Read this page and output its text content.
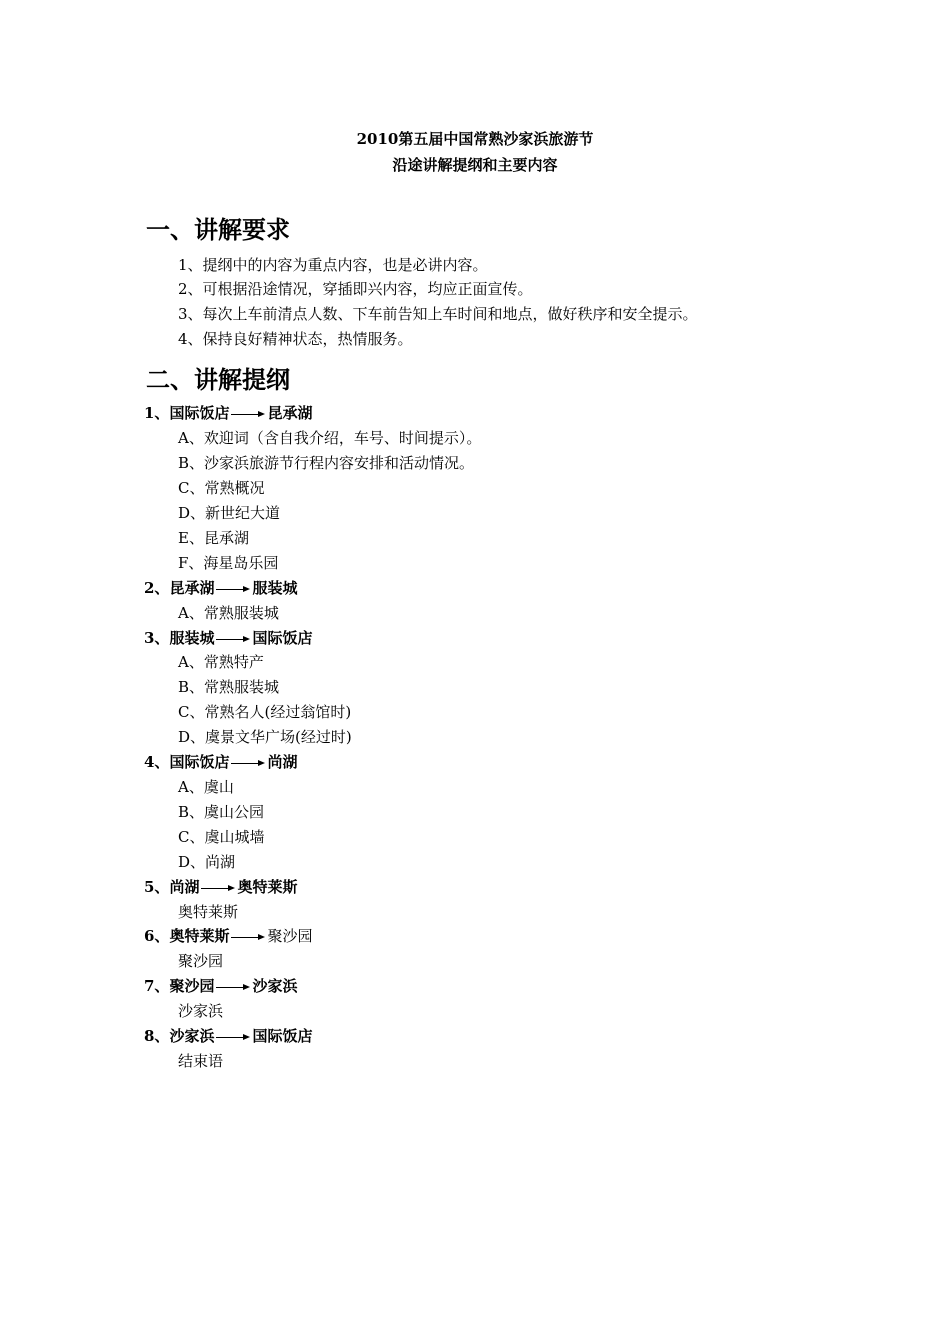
2010第五届中国常熟沙家浜旅游节
沿途讲解提纲和主要内容
一、讲解要求
1、提纲中的内容为重点内容，也是必讲内容。
2、可根据沿途情况，穿插即兴内容，均应正面宣传。
3、每次上车前清点人数、下车前告知上车时间和地点，做好秩序和安全提示。
4、保持良好精神状态，热情服务。
二、讲解提纲
1、国际饭店	昆承湖
A、欢迎词（含自我介绍，车号、时间提示）。
B、沙家浜旅游节行程内容安排和活动情况。
C、常熟概况
D、新世纪大道
E、昆承湖
F、海星岛乐园
2、昆承湖	服装城
A、常熟服装城
3、服装城	国际饭店
A、常熟特产
B、常熟服装城
C、常熟名人(经过翁馆时)
D、虞景文华广场(经过时)
4、国际饭店	尚湖
A、虞山
B、虞山公园
C、虞山城墙
D、尚湖
5、尚湖	奥特莱斯
奥特莱斯
6、奥特莱斯	聚沙园
聚沙园
7、聚沙园	沙家浜
沙家浜
8、沙家浜	国际饭店
结束语
